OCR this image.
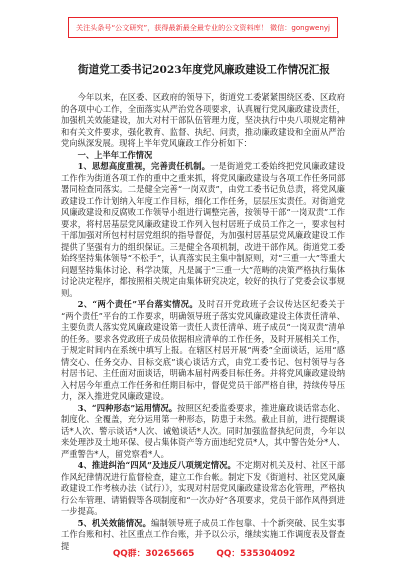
关注头条号“公文研究”，获得最新最全最专业的公文资料库！ 微信：gongwenyj
街道党工委书记2023年度党风廉政建设工作情况汇报

今年以来，在区委、区政府的领导下，街道党工委紧紧围绕区委、区政府的各项中心工作，全面落实从严治党各项要求，认真履行党风廉政建设责任，加强机关效能建设，加大对村干部队伍管理力度，坚决执行中央八项规定精神和有关文件要求，强化教育、监督、执纪、问责，推动廉政建设和全面从严治党向纵深发展。现将上半年党风廉政工作分析如下：

一、上半年工作情况

1、思想高度重视，完善责任机制。一是街道党工委始终把党风廉政建设工作作为街道各项工作的重中之重来抓，将党风廉政建设与各项工作任务同部署同检查同落实。二是健全完善“一岗双责”，由党工委书记负总责，将党风廉政建设工作计划纳入年度工作目标，细化工作任务，层层压实责任。对街道党风廉政建设和反腐败工作领导小组进行调整完善，按领导干部“一岗双责”工作要求，将村居基层党风廉政建设工作列入包村居班子成员工作之一，要求包村干部加强对所包村村居党组织的指导督促，为加强村居基层党风廉政建设工作提供了坚强有力的组织保证。三是健全各项机制，改进干部作风。街道党工委始终坚持集体领导“不松手”，认真落实民主集中制原则，对“三重一大”等重大问题坚持集体讨论、科学决策，凡是属于“三重一大”范畴的决策严格执行集体讨论决定程序，都按照相关规定由集体研究决定，较好的执行了党委会议事规则。

2、“两个责任”平台落实情况。及时召开党政班子会议传达区纪委关于“两个责任”平台的工作要求，明确领导班子落实党风廉政建设主体责任清单、主要负责人落实党风廉政建设第一责任人责任清单、班子成员“一岗双责”清单的任务。要求各党政班子成员依据相应清单的工作任务，及时开展相关工作，于规定时间内在系统中填写上报。在辖区村居开展“两委”全面谈话，运用“感情交心、任务交办、目标交底”谈心谈话方式，由党工委书记、包村领导与各村居书记、主任面对面谈话，明确本届村两委目标任务。并将党风廉政建设纳入村居今年重点工作任务和任期目标中，督促党员干部严格自律，持续传导压力，深入推进党风廉政建设。

3、“四种形态”运用情况。按照区纪委监委要求，推进廉政谈话常态化、制度化、全覆盖，充分运用第一种形态，防患于未然。截止目前，进行提醒谈话*人次、警示谈话*人次、诫勉谈话*人次。同时加强监督执纪问责，今年以来处理涉及土地环保、侵占集体资产等方面违纪党员*人，其中警告处分*人、严重警告*人，留党察看*人。

4、推进纠治“四风”及违反八项规定情况。不定期对机关及村、社区干部作风纪律情况进行监督检查，建立工作台帐。制定下发《街道村、社区党风廉政建设工作考核办法（试行）》，实现对村居党风廉政建设常态化管理，严格执行公车管理、请销假等各项制度和“一次办好”各项要求，党员干部作风得到进一步提高。

5、机关效能情况。编制领导班子成员工作包靠、十个新突破、民生实事工作台账和村、社区重点工作台账，并予以公示，继续实施工作调度表及督查提

QQ群：30265665	QQ：535304092
